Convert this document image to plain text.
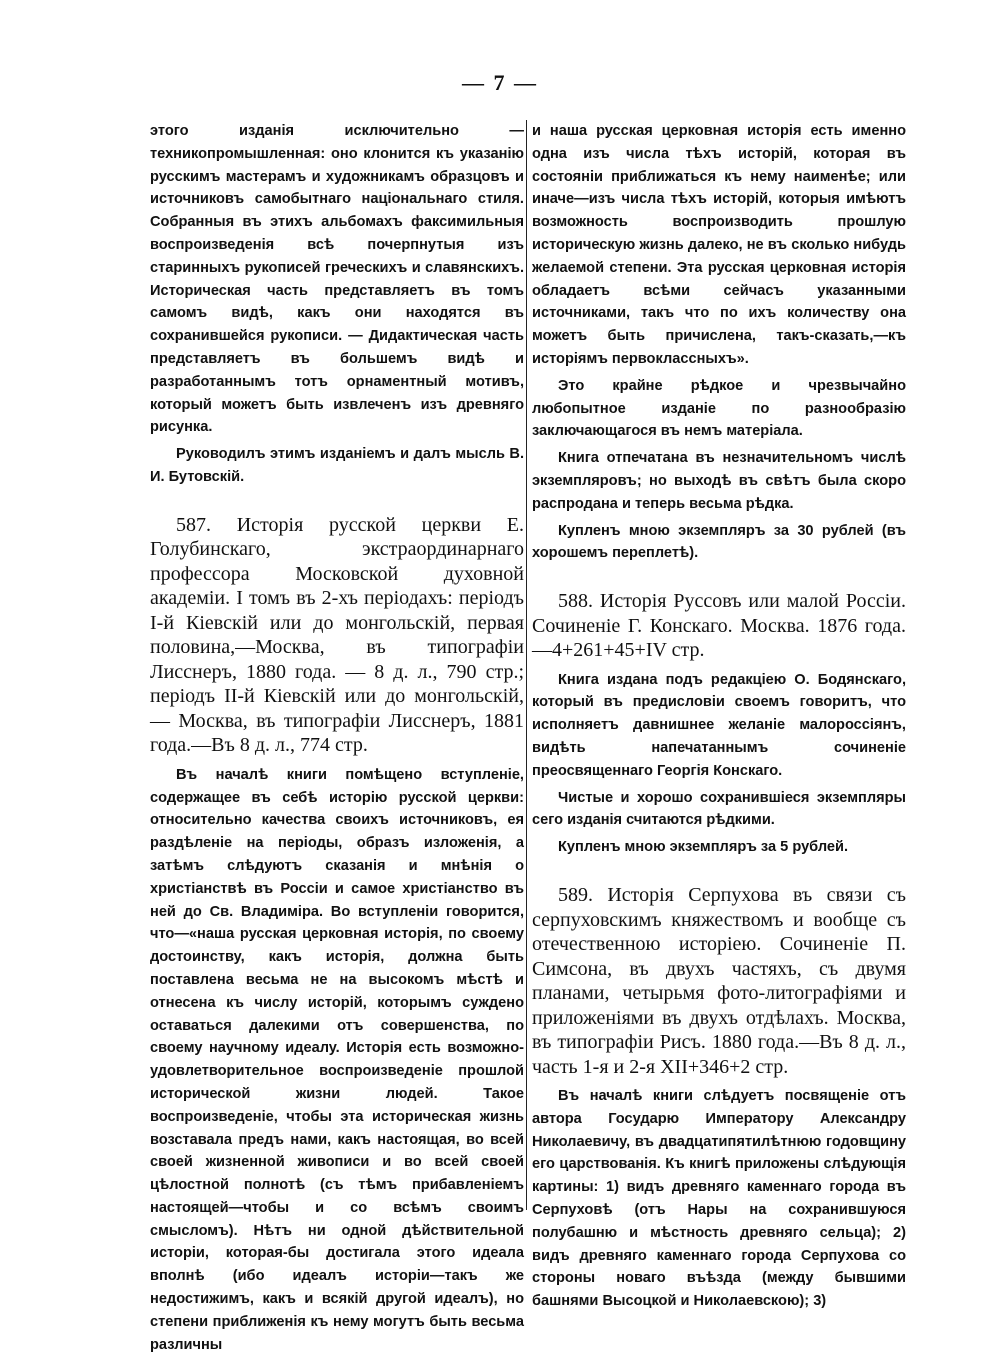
— 7 —

этого изданія исключительно —техникопромышленная: оно клонится къ указанію русскимъ мастерамъ и художникамъ образцовъ и источниковъ самобытнаго національнаго стиля. Собранныя въ этихъ альбомахъ факсимильныя воспроизведенія всѣ почерпнутыя изъ старинныхъ рукописей греческихъ и славянскихъ. Историческая часть представляетъ въ томъ самомъ видѣ, какъ они находятся въ сохранившейся рукописи. — Дидактическая часть представляетъ въ большемъ видѣ и разработаннымъ тотъ орнаментный мотивъ, который можетъ быть извлеченъ изъ древняго рисунка.

Руководилъ этимъ изданіемъ и далъ мысль В. И. Бутовскій.

587. Исторія русской церкви Е. Голубинскаго, экстраординарнаго профессора Московской духовной академіи. I томъ въ 2-хъ періодахъ: періодъ I-й Кіевскій или до монгольскій, первая половина,—Москва, въ типографіи Лисснеръ, 1880 года. — 8 д. л., 790 стр.; періодъ II-й Кіевскій или до монгольскій,— Москва, въ типографіи Лисснеръ, 1881 года.—Въ 8 д. л., 774 стр.

Въ началѣ книги помѣщено вступленіе, содержащее въ себѣ исторію русской церкви: относительно качества своихъ источниковъ, ея раздѣленіе на періоды, образъ изложенія, а затѣмъ слѣдуютъ сказанія и мнѣнія о христіанствѣ въ Россіи и самое христіанство въ ней до Св. Владиміра. Во вступленіи говорится, что—«наша русская церковная исторія, по своему достоинству, какъ исторія, должна быть поставлена весьма не на высокомъ мѣстѣ и отнесена къ числу исторій, которымъ суждено оставаться далекими отъ совершенства, по своему научному идеалу. Исторія есть возможно-удовлетворительное воспроизведеніе прошлой исторической жизни людей. Такое воспроизведеніе, чтобы эта историческая жизнь возставала предъ нами, какъ настоящая, во всей своей жизненной живописи и во всей своей цѣлостной полнотѣ (съ тѣмъ прибавленіемъ настоящей—чтобы и со всѣмъ своимъ смысломъ). Нѣтъ ни одной дѣйствительной исторіи, которая-бы достигала этого идеала вполнѣ (ибо идеалъ исторіи—такъ же недостижимъ, какъ и всякій другой идеалъ), но степени приближенія къ нему могутъ быть весьма различны

и наша русская церковная исторія есть именно одна изъ числа тѣхъ исторій, которая въ состояніи приближаться къ нему наименѣе; или иначе—изъ числа тѣхъ исторій, которыя имѣютъ возможность воспроизводить прошлую историческую жизнь далеко, не въ сколько нибудь желаемой степени. Эта русская церковная исторія обладаетъ всѣми сейчасъ указанными источниками, такъ что по ихъ количеству она можетъ быть причислена, такъ-сказать,—къ исторіямъ первоклассныхъ».

Это крайне рѣдкое и чрезвычайно любопытное изданіе по разнообразію заключающагося въ немъ матеріала.

Книга отпечатана въ незначительномъ числѣ экземпляровъ; но выходѣ въ свѣтъ была скоро распродана и теперь весьма рѣдка.

Купленъ мною экземпляръ за 30 рублей (въ хорошемъ переплетѣ).

588. Исторія Руссовъ или малой Россіи. Сочиненіе Г. Конскаго. Москва. 1876 года.—4+261+45+IV стр.

Книга издана подъ редакціею О. Бодянскаго, который въ предисловіи своемъ говоритъ, что исполняетъ давнишнее желаніе малороссіянъ, видѣть напечатаннымъ сочиненіе преосвященнаго Георгія Конскаго.

Чистые и хорошо сохранившіеся экземпляры сего изданія считаются рѣдкими.

Купленъ мною экземпляръ за 5 рублей.

589. Исторія Серпухова въ связи съ серпуховскимъ княжествомъ и вообще съ отечественною исторіею. Сочиненіе П. Симсона, въ двухъ частяхъ, съ двумя планами, четырьмя фото-литографіями и приложеніями въ двухъ отдѣлахъ. Москва, въ типографіи Рисъ. 1880 года.—Въ 8 д. л., часть 1-я и 2-я XII+346+2 стр.

Въ началѣ книги слѣдуетъ посвященіе отъ автора Государю Императору Александру Николаевичу, въ двадцатипятилѣтнюю годовщину его царствованія. Къ книгѣ приложены слѣдующія картины: 1) видъ древняго каменнаго города въ Серпуховѣ (отъ Нары на сохранившуюся полубашню и мѣстность древняго сельца); 2) видъ древняго каменнаго города Серпухова со стороны новаго въѣзда (между бывшими башнями Высоцкой и Николаевскою); 3)
